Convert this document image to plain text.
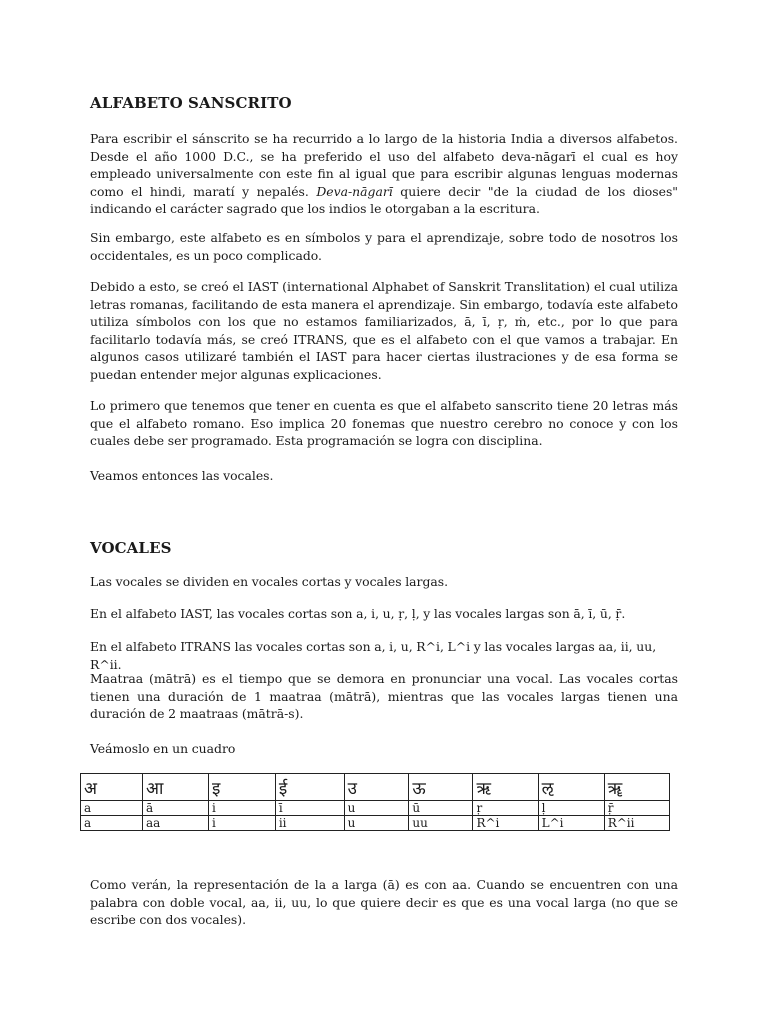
ALFABETO SANSCRITO
Para escribir el sánscrito se ha recurrido a lo largo de la historia India a diversos alfabetos. Desde el año 1000 D.C., se ha preferido el uso del alfabeto deva-nāgarī el cual es hoy empleado universalmente con este fin al igual que para escribir algunas lenguas modernas como el hindi, maratí y nepalés. Deva-nāgarī quiere decir "de la ciudad de los dioses" indicando el carácter sagrado que los indios le otorgaban a la escritura.
Sin embargo, este alfabeto es en símbolos y para el aprendizaje, sobre todo de nosotros los occidentales, es un poco complicado.
Debido a esto, se creó el IAST (international Alphabet of Sanskrit Translitation) el cual utiliza letras romanas, facilitando de esta manera el aprendizaje. Sin embargo, todavía este alfabeto utiliza símbolos con los que no estamos familiarizados, ā, ī, ṛ, ṁ, etc., por lo que para facilitarlo todavía más, se creó ITRANS, que es el alfabeto con el que vamos a trabajar. En algunos casos utilizaré también el IAST para hacer ciertas ilustraciones y de esa forma se puedan entender mejor algunas explicaciones.
Lo primero que tenemos que tener en cuenta es que el alfabeto sanscrito tiene 20 letras más que el alfabeto romano. Eso implica 20 fonemas que nuestro cerebro no conoce y con los cuales debe ser programado. Esta programación se logra con disciplina.
Veamos entonces las vocales.
VOCALES
Las vocales se dividen en vocales cortas y vocales largas.
En el alfabeto IAST, las vocales cortas son a, i, u, ṛ, ḷ, y las vocales largas son ā, ī, ū, ṝ.
En el alfabeto ITRANS las vocales cortas son a, i, u, R^i, L^i y las vocales largas aa, ii, uu, R^ii.
Maatraa (mātrā) es el tiempo que se demora en pronunciar una vocal. Las vocales cortas tienen una duración de 1 maatraa (mātrā), mientras que las vocales largas tienen una duración de 2 maatraas (mātrā-s).
Veámoslo en un cuadro
अ	आ	इ	ई	उ	ऊ	ऋ	ऌ	ॠ
a	ā	i	ī	u	ū	ṛ	ḷ	ṝ
a	aa	i	ii	u	uu	R^i	L^i	R^ii
Como verán, la representación de la a larga (ā) es con aa. Cuando se encuentren con una palabra con doble vocal, aa, ii, uu, lo que quiere decir es que es una vocal larga (no que se escribe con dos vocales).
